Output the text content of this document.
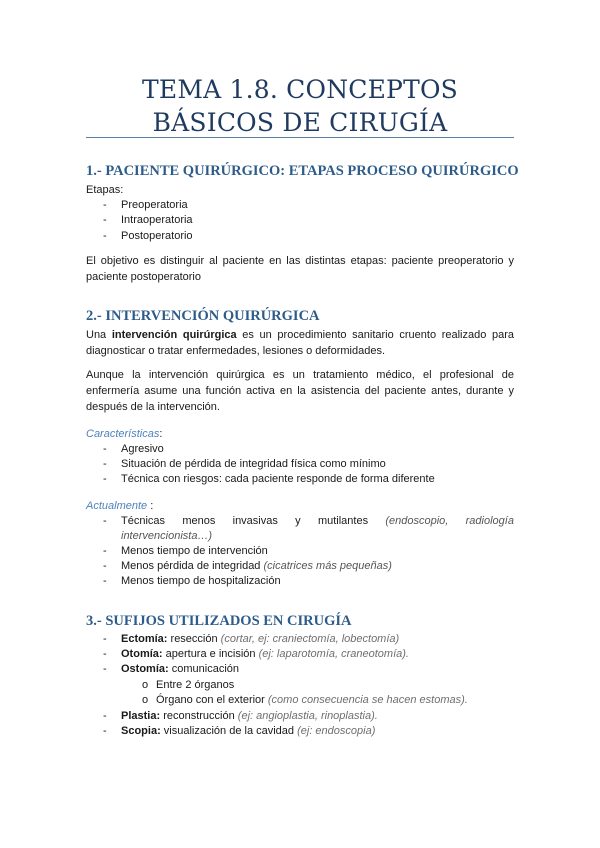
TEMA 1.8. CONCEPTOS BÁSICOS DE CIRUGÍA
1.- PACIENTE QUIRÚRGICO: ETAPAS PROCESO QUIRÚRGICO
Etapas:
- Preoperatoria
- Intraoperatoria
- Postoperatorio
El objetivo es distinguir al paciente en las distintas etapas: paciente preoperatorio y paciente postoperatorio
2.- INTERVENCIÓN QUIRÚRGICA
Una intervención quirúrgica es un procedimiento sanitario cruento realizado para diagnosticar o tratar enfermedades, lesiones o deformidades.
Aunque la intervención quirúrgica es un tratamiento médico, el profesional de enfermería asume una función activa en la asistencia del paciente antes, durante y después de la intervención.
Características:
- Agresivo
- Situación de pérdida de integridad física como mínimo
- Técnica con riesgos: cada paciente responde de forma diferente
Actualmente :
- Técnicas menos invasivas y mutilantes (endoscopio, radiología
intervencionista…)
- Menos tiempo de intervención
- Menos pérdida de integridad (cicatrices más pequeñas)
- Menos tiempo de hospitalización
3.- SUFIJOS UTILIZADOS EN CIRUGÍA
- Ectomía: resección (cortar, ej: craniectomía, lobectomía)
- Otomía: apertura e incisión (ej: laparotomía, craneotomía).
- Ostomía: comunicación
o Entre 2 órganos
o Órgano con el exterior (como consecuencia se hacen estomas).
- Plastia: reconstrucción (ej: angioplastia, rinoplastia).
- Scopia: visualización de la cavidad (ej: endoscopia)
